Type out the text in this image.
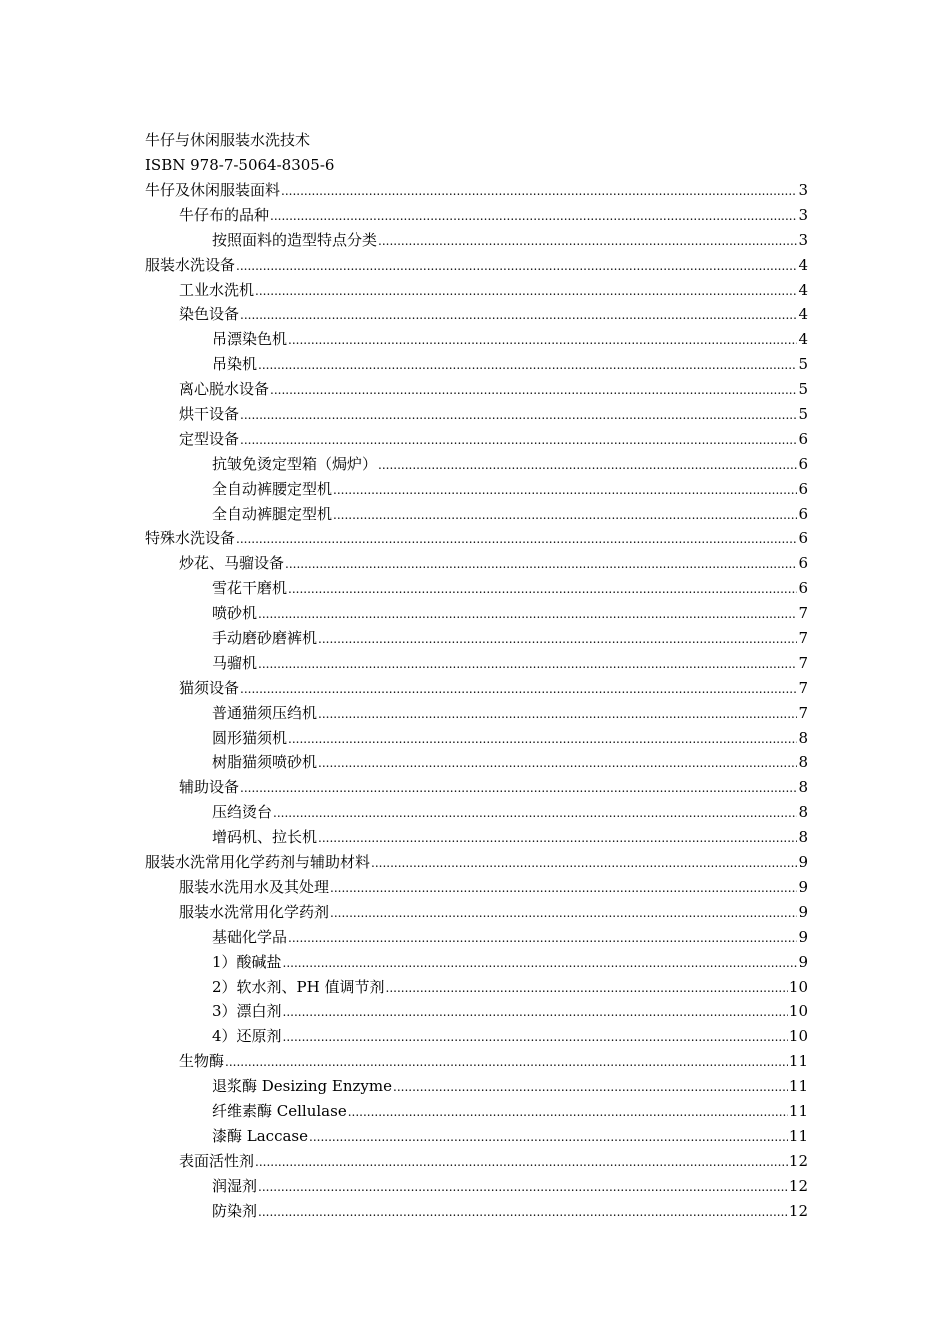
牛仔与休闲服装水洗技术
ISBN 978-7-5064-8305-6
牛仔及休闲服装面料 .....	3
牛仔布的品种 .....	3
按照面料的造型特点分类 .....	3
服装水洗设备 .....	4
工业水洗机 .....	4
染色设备 .....	4
吊漂染色机 .....	4
吊染机 .....	5
离心脱水设备 .....	5
烘干设备 .....	5
定型设备 .....	6
抗皱免烫定型箱（焗炉） .....	6
全自动裤腰定型机 .....	6
全自动裤腿定型机 .....	6
特殊水洗设备 .....	6
炒花、马骝设备 .....	6
雪花干磨机 .....	6
喷砂机 .....	7
手动磨砂磨裤机 .....	7
马骝机 .....	7
猫须设备 .....	7
普通猫须压绉机 .....	7
圆形猫须机 .....	8
树脂猫须喷砂机 .....	8
辅助设备 .....	8
压绉烫台 .....	8
增码机、拉长机 .....	8
服装水洗常用化学药剂与辅助材料 .....	9
服装水洗用水及其处理 .....	9
服装水洗常用化学药剂 .....	9
基础化学品 .....	9
1）酸碱盐 .....	9
2）软水剂、PH 值调节剂 .....	10
3）漂白剂 .....	10
4）还原剂 .....	10
生物酶 .....	11
退浆酶 Desizing Enzyme .....	11
纤维素酶 Cellulase .....	11
漆酶 Laccase .....	11
表面活性剂 .....	12
润湿剂 .....	12
防染剂 .....	12
